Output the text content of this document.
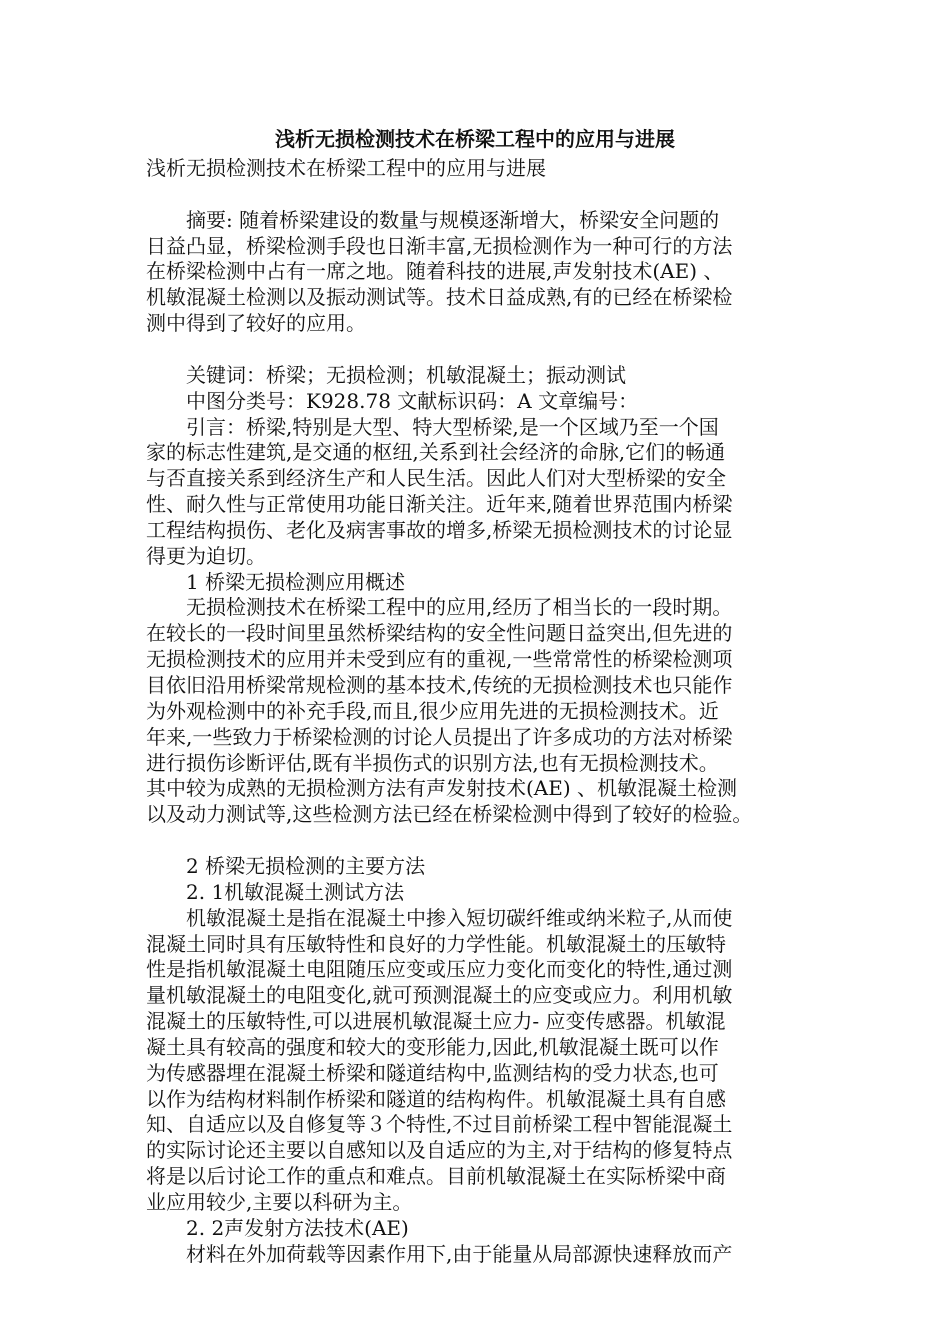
浅析无损检测技术在桥梁工程中的应用与进展
浅析无损检测技术在桥梁工程中的应用与进展
　　摘要: 随着桥梁建设的数量与规模逐渐增大，桥梁安全问题的
日益凸显，桥梁检测手段也日渐丰富,无损检测作为一种可行的方法
在桥梁检测中占有一席之地。随着科技的进展,声发射技术(AE) 、
机敏混凝土检测以及振动测试等。技术日益成熟,有的已经在桥梁检
测中得到了较好的应用。
　　关键词：桥梁；无损检测；机敏混凝土；振动测试
　　中图分类号：K928.78 文献标识码：A 文章编号：
　　引言：桥梁,特别是大型、特大型桥梁,是一个区域乃至一个国
家的标志性建筑,是交通的枢纽,关系到社会经济的命脉,它们的畅通
与否直接关系到经济生产和人民生活。因此人们对大型桥梁的安全
性、耐久性与正常使用功能日渐关注。近年来,随着世界范围内桥梁
工程结构损伤、老化及病害事故的增多,桥梁无损检测技术的讨论显
得更为迫切。
　　1 桥梁无损检测应用概述
　　无损检测技术在桥梁工程中的应用,经历了相当长的一段时期。
在较长的一段时间里虽然桥梁结构的安全性问题日益突出,但先进的
无损检测技术的应用并未受到应有的重视,一些常常性的桥梁检测项
目依旧沿用桥梁常规检测的基本技术,传统的无损检测技术也只能作
为外观检测中的补充手段,而且,很少应用先进的无损检测技术。近
年来,一些致力于桥梁检测的讨论人员提出了许多成功的方法对桥梁
进行损伤诊断评估,既有半损伤式的识别方法,也有无损检测技术。
其中较为成熟的无损检测方法有声发射技术(AE) 、机敏混凝土检测
以及动力测试等,这些检测方法已经在桥梁检测中得到了较好的检验。
　　2 桥梁无损检测的主要方法
　　2. 1机敏混凝土测试方法
　　机敏混凝土是指在混凝土中掺入短切碳纤维或纳米粒子,从而使
混凝土同时具有压敏特性和良好的力学性能。机敏混凝土的压敏特
性是指机敏混凝土电阻随压应变或压应力变化而变化的特性,通过测
量机敏混凝土的电阻变化,就可预测混凝土的应变或应力。利用机敏
混凝土的压敏特性,可以进展机敏混凝土应力- 应变传感器。机敏混
凝土具有较高的强度和较大的变形能力,因此,机敏混凝土既可以作
为传感器埋在混凝土桥梁和隧道结构中,监测结构的受力状态,也可
以作为结构材料制作桥梁和隧道的结构构件。机敏混凝土具有自感
知、自适应以及自修复等３个特性,不过目前桥梁工程中智能混凝土
的实际讨论还主要以自感知以及自适应的为主,对于结构的修复特点
将是以后讨论工作的重点和难点。目前机敏混凝土在实际桥梁中商
业应用较少,主要以科研为主。
　　2. 2声发射方法技术(AE)
　　材料在外加荷载等因素作用下,由于能量从局部源快速释放而产
